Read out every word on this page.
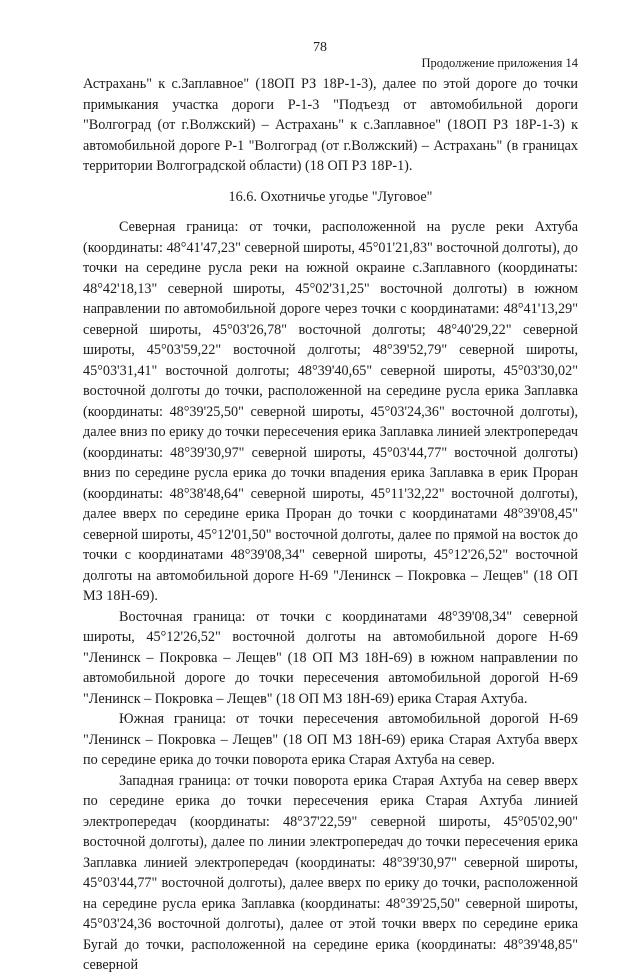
78
Продолжение приложения 14

Астрахань" к с.Заплавное" (18ОП РЗ 18Р-1-3), далее по этой дороге до точки примыкания участка дороги Р-1-3 "Подъезд от автомобильной дороги "Волгоград (от г.Волжский) – Астрахань" к с.Заплавное" (18ОП РЗ 18Р-1-3) к автомобильной дороге Р-1 "Волгоград (от г.Волжский) – Астрахань" (в границах территории Волгоградской области) (18 ОП РЗ 18Р-1).

16.6. Охотничье угодье "Луговое"

Северная граница: от точки, расположенной на русле реки Ахтуба (координаты: 48°41'47,23" северной широты, 45°01'21,83" восточной долготы), до точки на середине русла реки на южной окраине с.Заплавного (координаты: 48°42'18,13" северной широты, 45°02'31,25" восточной долготы) в южном направлении по автомобильной дороге через точки с координатами: 48°41'13,29" северной широты, 45°03'26,78" восточной долготы; 48°40'29,22" северной широты, 45°03'59,22" восточной долготы; 48°39'52,79" северной широты, 45°03'31,41" восточной долготы; 48°39'40,65" северной широты, 45°03'30,02" восточной долготы до точки, расположенной на середине русла ерика Заплавка (координаты: 48°39'25,50" северной широты, 45°03'24,36" восточной долготы), далее вниз по ерику до точки пересечения ерика Заплавка линией электропередач (координаты: 48°39'30,97" северной широты, 45°03'44,77" восточной долготы) вниз по середине русла ерика до точки впадения ерика Заплавка в ерик Проран (координаты: 48°38'48,64" северной широты, 45°11'32,22" восточной долготы), далее вверх по середине ерика Проран до точки с координатами 48°39'08,45" северной широты, 45°12'01,50" восточной долготы, далее по прямой на восток до точки с координатами 48°39'08,34" северной широты, 45°12'26,52" восточной долготы на автомобильной дороге Н-69 "Ленинск – Покровка – Лещев" (18 ОП МЗ 18Н-69).

Восточная граница: от точки с координатами 48°39'08,34" северной широты, 45°12'26,52" восточной долготы на автомобильной дороге Н-69 "Ленинск – Покровка – Лещев" (18 ОП МЗ 18Н-69) в южном направлении по автомобильной дороге до точки пересечения автомобильной дорогой Н-69 "Ленинск – Покровка – Лещев" (18 ОП МЗ 18Н-69) ерика Старая Ахтуба.

Южная граница: от точки пересечения автомобильной дорогой Н-69 "Ленинск – Покровка – Лещев" (18 ОП МЗ 18Н-69) ерика Старая Ахтуба вверх по середине ерика до точки поворота ерика Старая Ахтуба на север.

Западная граница: от точки поворота ерика Старая Ахтуба на север вверх по середине ерика до точки пересечения ерика Старая Ахтуба линией электропередач (координаты: 48°37'22,59" северной широты, 45°05'02,90" восточной долготы), далее по линии электропередач до точки пересечения ерика Заплавка линией электропередач (координаты: 48°39'30,97" северной широты, 45°03'44,77" восточной долготы), далее вверх по ерику до точки, расположенной на середине русла ерика Заплавка (координаты: 48°39'25,50" северной широты, 45°03'24,36 восточной долготы), далее от этой точки вверх по середине ерика Бугай до точки, расположенной на середине ерика (координаты: 48°39'48,85" северной
